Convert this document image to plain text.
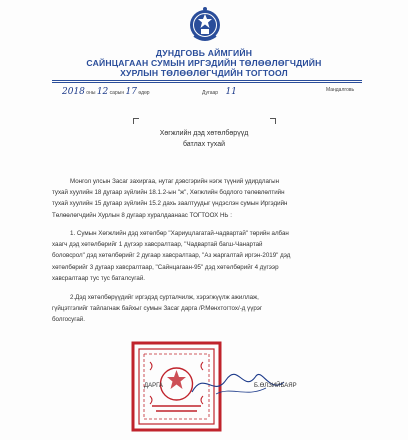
ДУНДГОВЬ АЙМГИЙН
САЙНЦАГААН СУМЫН ИРГЭДИЙН ТӨЛӨӨЛӨГЧДИЙН
ХУРЛЫН ТӨЛӨӨЛӨГЧДИЙН ТОГТООЛ
2018 оны 12 сарын 17 өдөр	Дугаар 11	Мандалговь
Хөгжлийн дэд хөтөлбөрүүд
батлах тухай
Монгол улсын Засаг захиргаа, нутаг дэвсгэрийн нэгж түүний удирдлагын
тухай хуулийн 18 дугаар зүйлийн 18.1.2-ын "ж", Хөгжлийн бодлого төлөвлөлтийн
тухай хуулийн 15 дугаар зүйлийн 15.2 дахь заалтуудыг үндэслэн сумын Иргэдийн
Төлөөлөгчдийн Хурлын 8 дугаар хуралдаанаас ТОГТООХ НЬ :
1. Сумын Хөгжлийн дэд хөтөлбөр "Хариуцлагатай-чадвартай" төрийн албан
хаагч дэд хөтөлбөрийг 1 дүгээр хавсралтаар, "Чадвартай багш-Чанартай
боловсрол" дэд хөтөлбөрийг 2 дугаар хавсралтаар, "Аз жаргалтай иргэн-2019" дэд
хөтөлбөрийг 3 дугаар хавсралтаар, "Сайнцагаан-95" дэд хөтөлбөрийг 4 дүгээр
хавсралтаар тус тус баталсугай.
2.Дэд хөтөлбөрүүдийг иргэдэд сурталчилж, хэрэгжүүлж ажиллаж,
гүйцэтгэлийг тайлагнаж байхыг сумын Засаг дарга /Р.Мөнхтогтох/-д үүрэг
болгосугай.
ДАРГА	Б.ӨЛЗИЙБАЯР
